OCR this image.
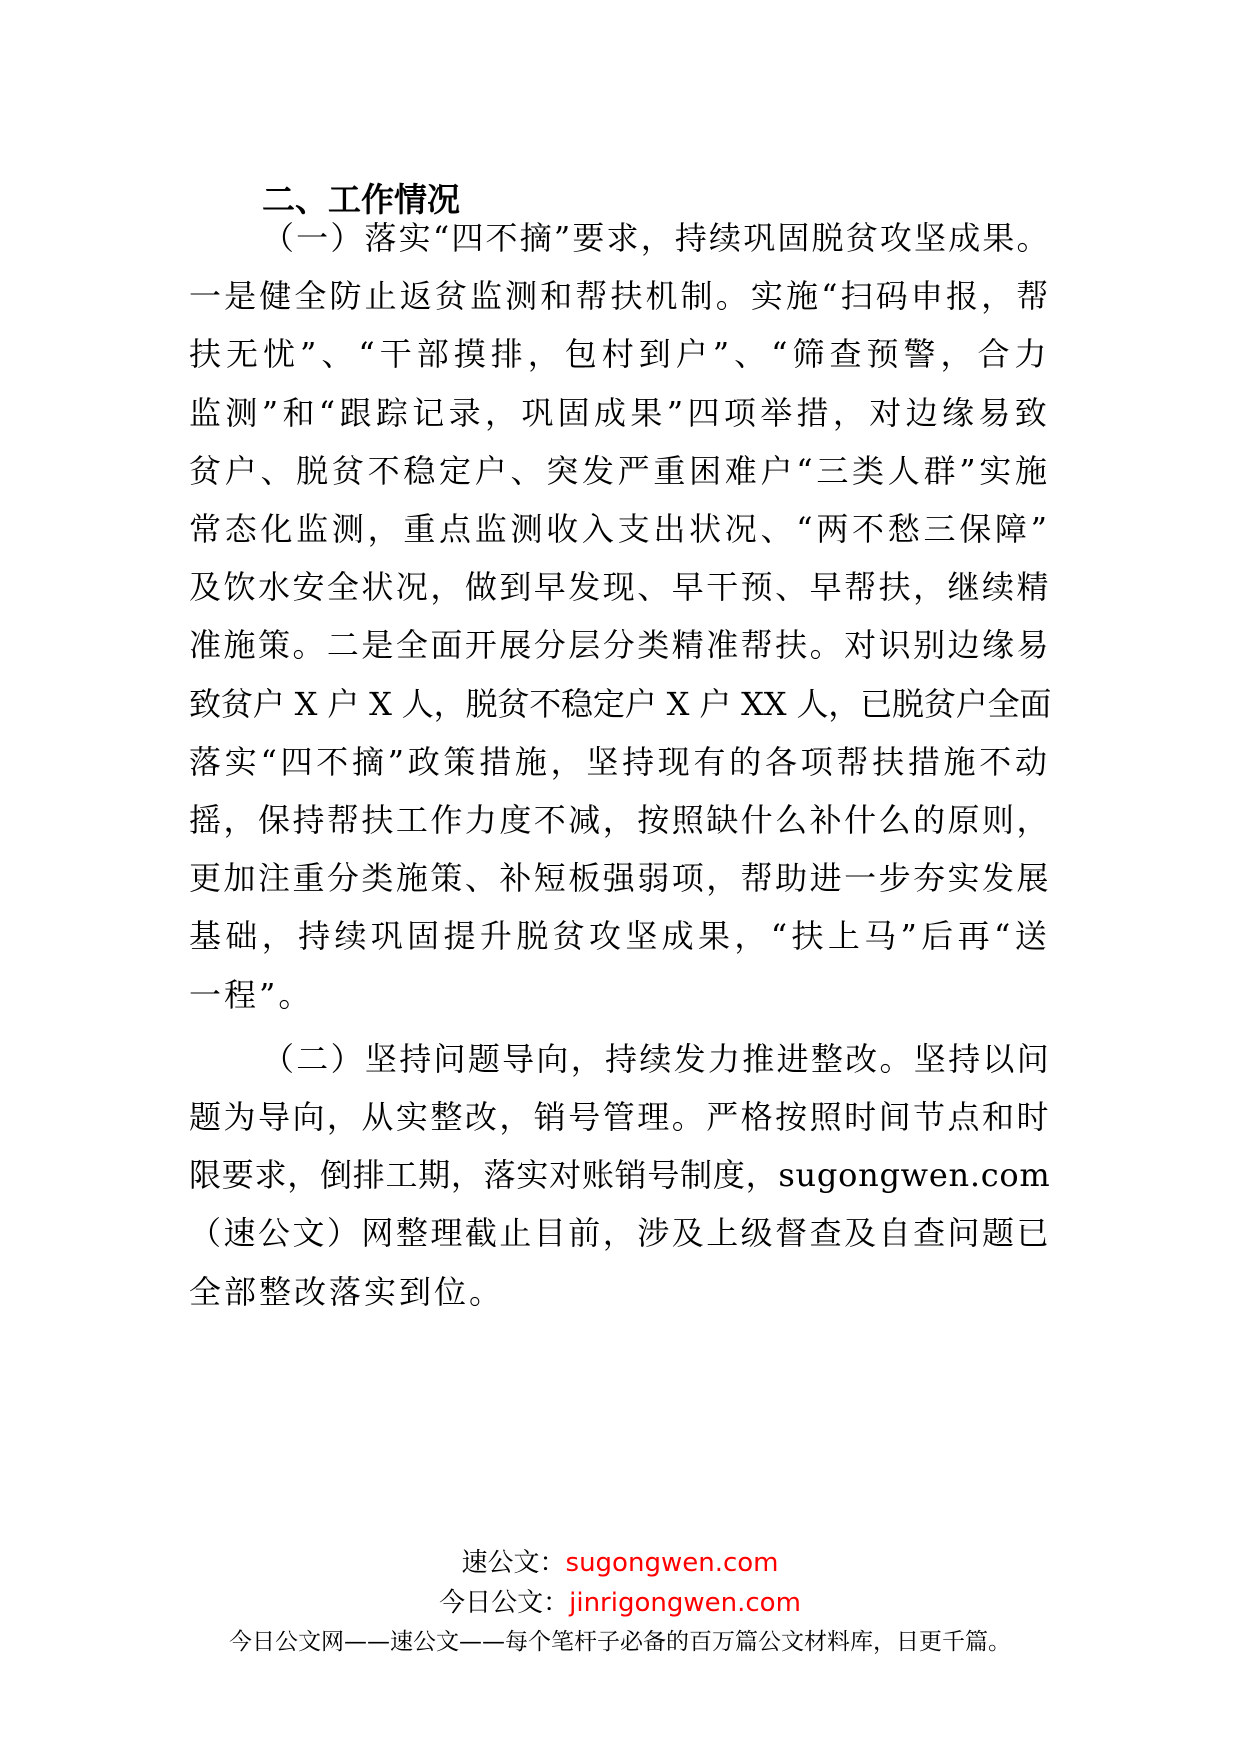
二、工作情况
（一）落实“四不摘”要求，持续巩固脱贫攻坚成果。
一是健全防止返贫监测和帮扶机制。实施“扫码申报，帮
扶无忧”、“干部摸排，包村到户”、“筛查预警，合力
监测”和“跟踪记录，巩固成果”四项举措，对边缘易致
贫户、脱贫不稳定户、突发严重困难户“三类人群”实施
常态化监测，重点监测收入支出状况、“两不愁三保障”
及饮水安全状况，做到早发现、早干预、早帮扶，继续精
准施策。二是全面开展分层分类精准帮扶。对识别边缘易
致贫户 X 户 X 人，脱贫不稳定户 X 户 XX 人，已脱贫户全面
落实“四不摘”政策措施，坚持现有的各项帮扶措施不动
摇，保持帮扶工作力度不减，按照缺什么补什么的原则，
更加注重分类施策、补短板强弱项，帮助进一步夯实发展
基础，持续巩固提升脱贫攻坚成果，“扶上马”后再“送
一程”。
（二）坚持问题导向，持续发力推进整改。坚持以问
题为导向，从实整改，销号管理。严格按照时间节点和时
限要求，倒排工期，落实对账销号制度，sugongwen.com
（速公文）网整理截止目前，涉及上级督查及自查问题已
全部整改落实到位。
速公文：sugongwen.com
今日公文：jinrigongwen.com
今日公文网——速公文——每个笔杆子必备的百万篇公文材料库，日更千篇。
